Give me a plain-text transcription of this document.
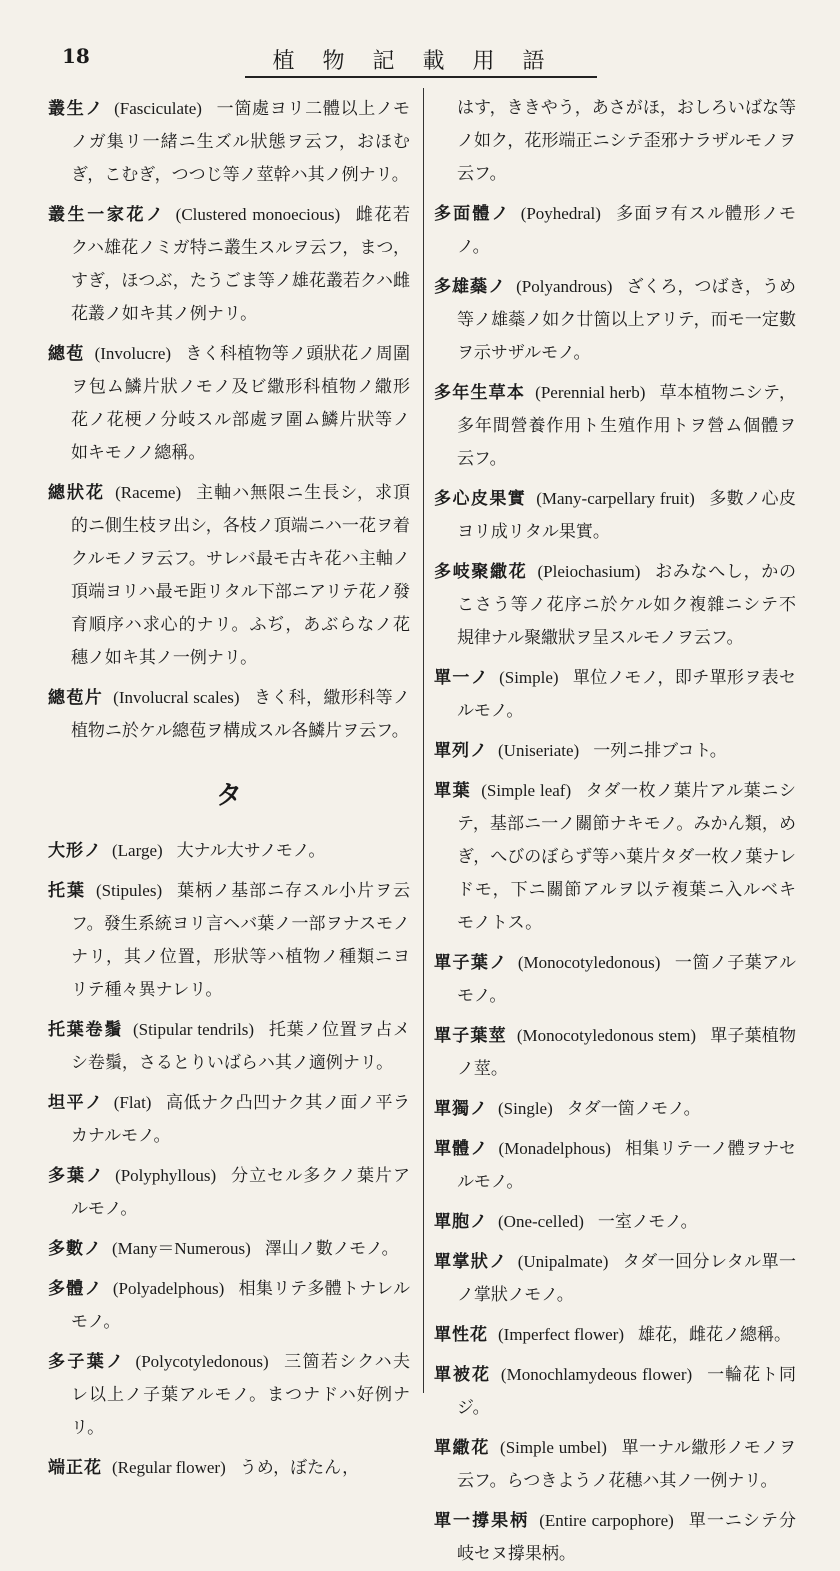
18	植物記載用語

叢生ノ (Fasciculate) 一箇處ヨリ二體以上ノモノガ集リ一緒ニ生ズル狀態ヲ云フ，おほむぎ，こむぎ，つつじ等ノ莖幹ハ其ノ例ナリ。

叢生一家花ノ (Clustered monoecious) 雌花若クハ雄花ノミガ特ニ叢生スルヲ云フ，まつ，すぎ，ほつぶ，たうごま等ノ雄花叢若クハ雌花叢ノ如キ其ノ例ナリ。

總苞 (Involucre) きく科植物等ノ頭狀花ノ周圍ヲ包ム鱗片狀ノモノ及ビ繖形科植物ノ繖形花ノ花梗ノ分岐スル部處ヲ圍ム鱗片狀等ノ如キモノノ總稱。

總狀花 (Raceme) 主軸ハ無限ニ生長シ，求頂的ニ側生枝ヲ出シ，各枝ノ頂端ニハ一花ヲ着クルモノヲ云フ。サレバ最モ古キ花ハ主軸ノ頂端ヨリハ最モ距リタル下部ニアリテ花ノ發育順序ハ求心的ナリ。ふぢ，あぶらなノ花穗ノ如キ其ノ一例ナリ。

總苞片 (Involucral scales) きく科，繖形科等ノ植物ニ於ケル總苞ヲ構成スル各鱗片ヲ云フ。

タ

大形ノ (Large) 大ナル大サノモノ。

托葉 (Stipules) 葉柄ノ基部ニ存スル小片ヲ云フ。發生系統ヨリ言ヘバ葉ノ一部ヲナスモノナリ，其ノ位置，形狀等ハ植物ノ種類ニヨリテ種々異ナレリ。

托葉卷鬚 (Stipular tendrils) 托葉ノ位置ヲ占メシ卷鬚，さるとりいばらハ其ノ適例ナリ。

坦平ノ (Flat) 高低ナク凸凹ナク其ノ面ノ平ラカナルモノ。

多葉ノ (Polyphyllous) 分立セル多クノ葉片アルモノ。

多數ノ (Many＝Numerous) 澤山ノ數ノモノ。

多體ノ (Polyadelphous) 相集リテ多體トナレルモノ。

多子葉ノ (Polycotyledonous) 三箇若シクハ夫レ以上ノ子葉アルモノ。まつナドハ好例ナリ。

端正花 (Regular flower) うめ，ぼたん，

はす，ききやう，あさがほ，おしろいばな等ノ如ク，花形端正ニシテ歪邪ナラザルモノヲ云フ。

多面體ノ (Poyhedral) 多面ヲ有スル體形ノモノ。

多雄蘂ノ (Polyandrous) ざくろ，つばき，うめ等ノ雄蘂ノ如ク廿箇以上アリテ，而モ一定數ヲ示サザルモノ。

多年生草本 (Perennial herb) 草本植物ニシテ，多年間營養作用ト生殖作用トヲ營ム個體ヲ云フ。

多心皮果實 (Many-carpellary fruit) 多數ノ心皮ヨリ成リタル果實。

多岐聚繖花 (Pleiochasium) おみなへし，かのこさう等ノ花序ニ於ケル如ク複雜ニシテ不規律ナル聚繖狀ヲ呈スルモノヲ云フ。

單一ノ (Simple) 單位ノモノ，即チ單形ヲ表セルモノ。

單列ノ (Uniseriate) 一列ニ排ブコト。

單葉 (Simple leaf) タダ一枚ノ葉片アル葉ニシテ，基部ニ一ノ關節ナキモノ。みかん類，めぎ，へびのぼらず等ハ葉片タダ一枚ノ葉ナレドモ，下ニ關節アルヲ以テ複葉ニ入ルベキモノトス。

單子葉ノ (Monocotyledonous) 一箇ノ子葉アルモノ。

單子葉莖 (Monocotyledonous stem) 單子葉植物ノ莖。

單獨ノ (Single) タダ一箇ノモノ。

單體ノ (Monadelphous) 相集リテ一ノ體ヲナセルモノ。

單胞ノ (One-celled) 一室ノモノ。

單掌狀ノ (Unipalmate) タダ一回分レタル單一ノ掌狀ノモノ。

單性花 (Imperfect flower) 雄花，雌花ノ總稱。

單被花 (Monochlamydeous flower) 一輪花ト同ジ。

單繖花 (Simple umbel) 單一ナル繖形ノモノヲ云フ。らつきようノ花穗ハ其ノ一例ナリ。

單一撐果柄 (Entire carpophore) 單一ニシテ分岐セヌ撐果柄。
